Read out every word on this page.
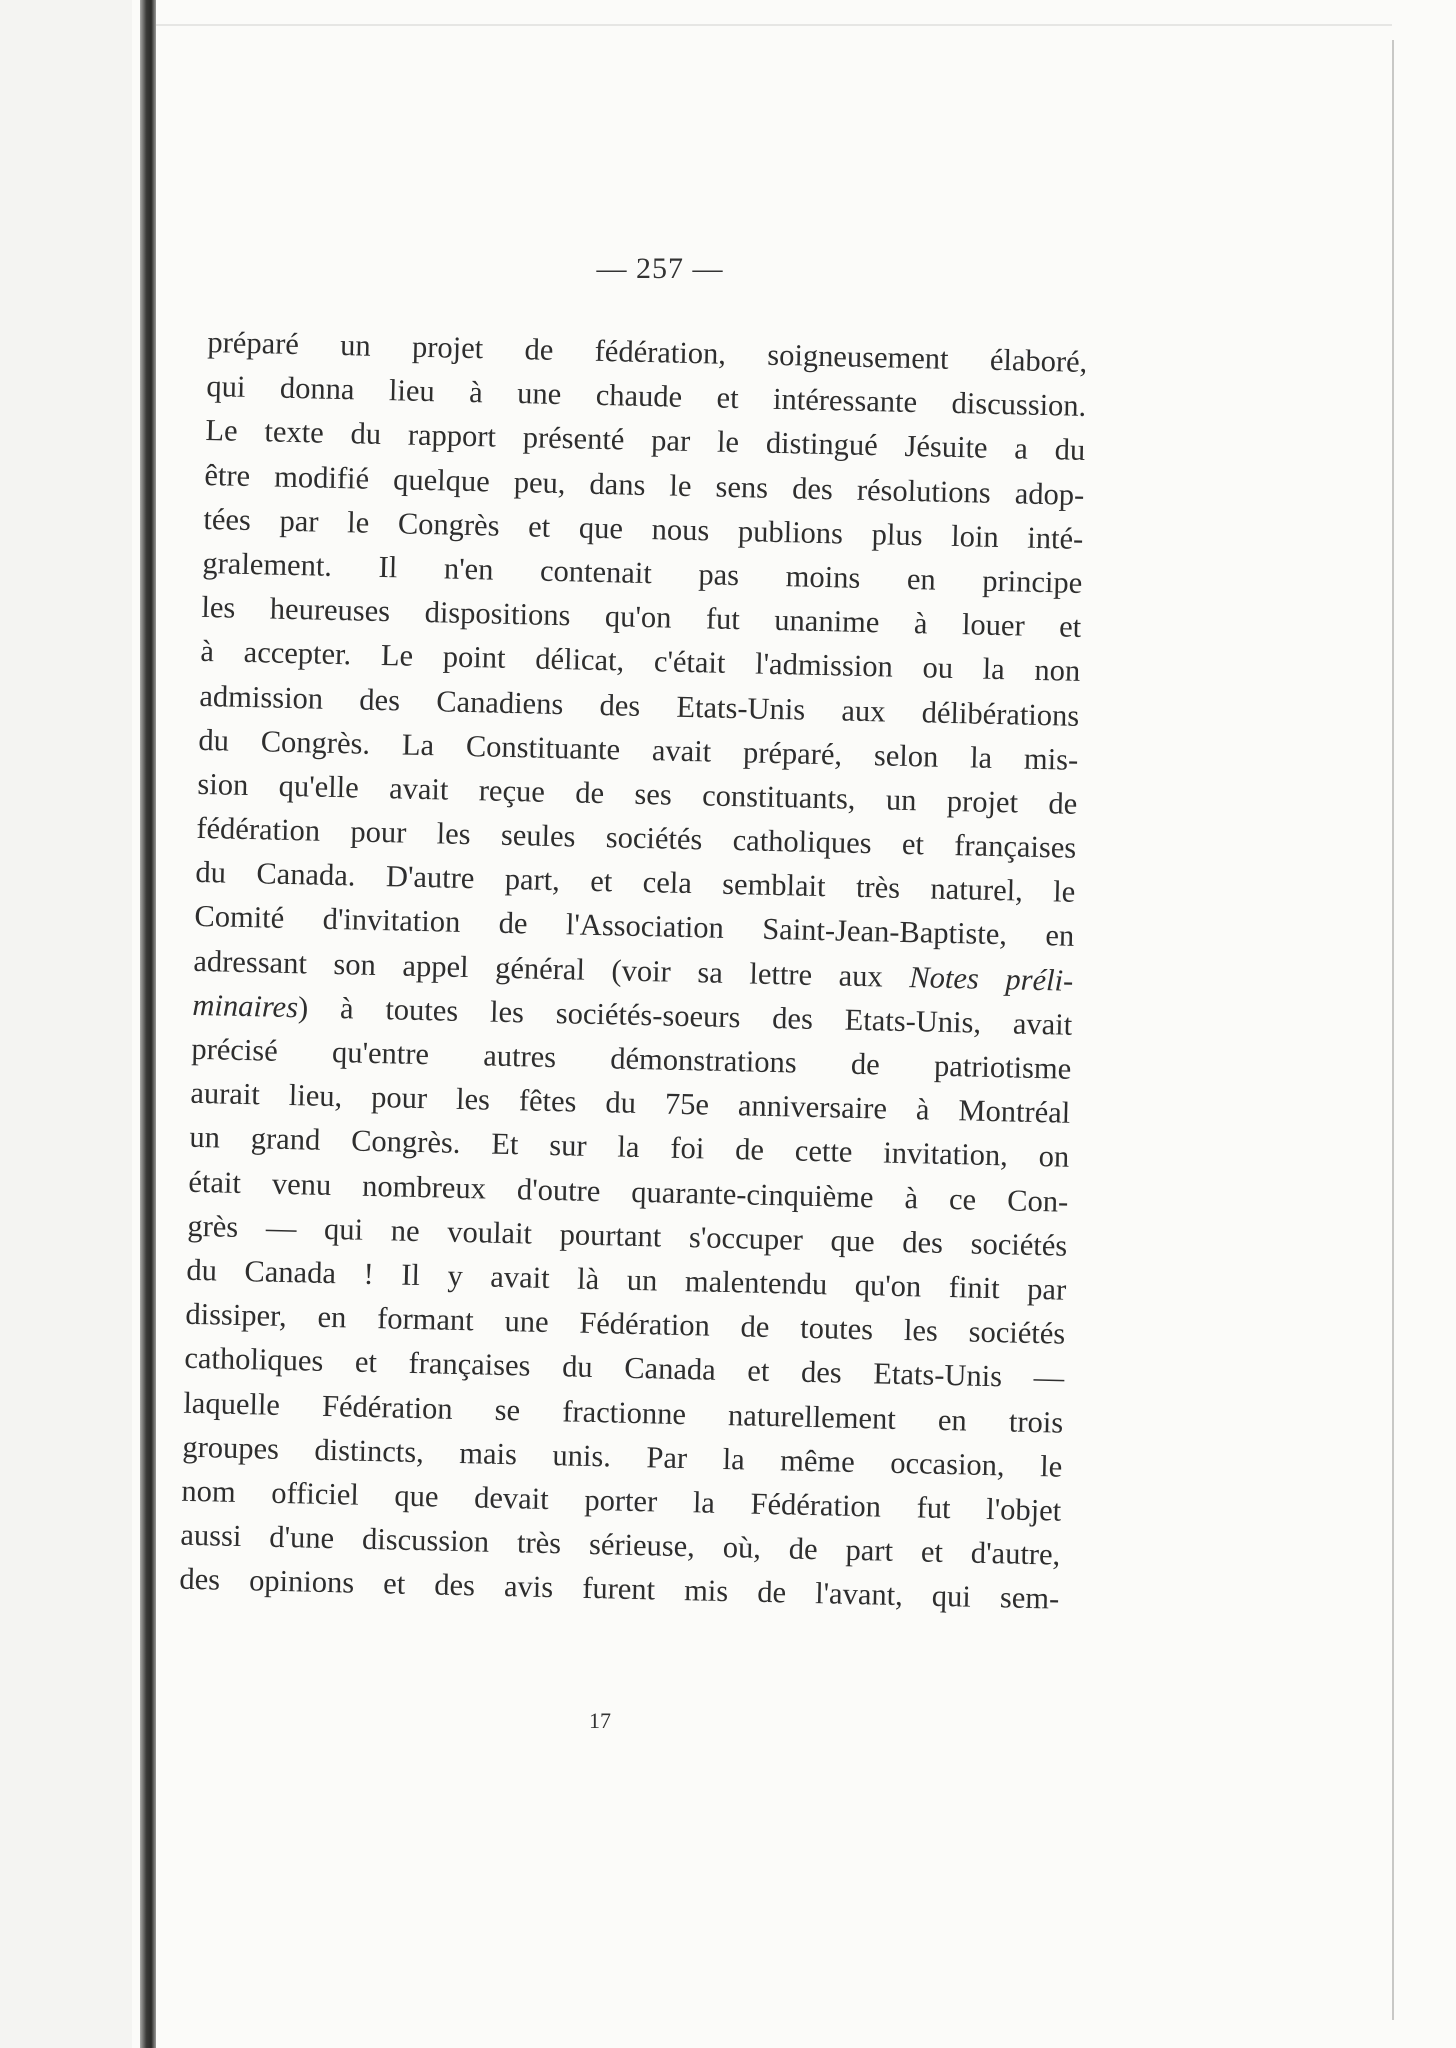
— 257 —
préparé un projet de fédération, soigneusement élaboré,
qui donna lieu à une chaude et intéressante discussion.
Le texte du rapport présenté par le distingué Jésuite a du
être modifié quelque peu, dans le sens des résolutions adop-
tées par le Congrès et que nous publions plus loin inté-
gralement. Il n'en contenait pas moins en principe
les heureuses dispositions qu'on fut unanime à louer et
à accepter. Le point délicat, c'était l'admission ou la non
admission des Canadiens des Etats-Unis aux délibérations
du Congrès. La Constituante avait préparé, selon la mis-
sion qu'elle avait reçue de ses constituants, un projet de
fédération pour les seules sociétés catholiques et françaises
du Canada. D'autre part, et cela semblait très naturel, le
Comité d'invitation de l'Association Saint-Jean-Baptiste, en
adressant son appel général (voir sa lettre aux Notes préli-
minaires) à toutes les sociétés-soeurs des Etats-Unis, avait
précisé qu'entre autres démonstrations de patriotisme
aurait lieu, pour les fêtes du 75e anniversaire à Montréal
un grand Congrès. Et sur la foi de cette invitation, on
était venu nombreux d'outre quarante-cinquième à ce Con-
grès — qui ne voulait pourtant s'occuper que des sociétés
du Canada ! Il y avait là un malentendu qu'on finit par
dissiper, en formant une Fédération de toutes les sociétés
catholiques et françaises du Canada et des Etats-Unis —
laquelle Fédération se fractionne naturellement en trois
groupes distincts, mais unis. Par la même occasion, le
nom officiel que devait porter la Fédération fut l'objet
aussi d'une discussion très sérieuse, où, de part et d'autre,
des opinions et des avis furent mis de l'avant, qui sem-
17
